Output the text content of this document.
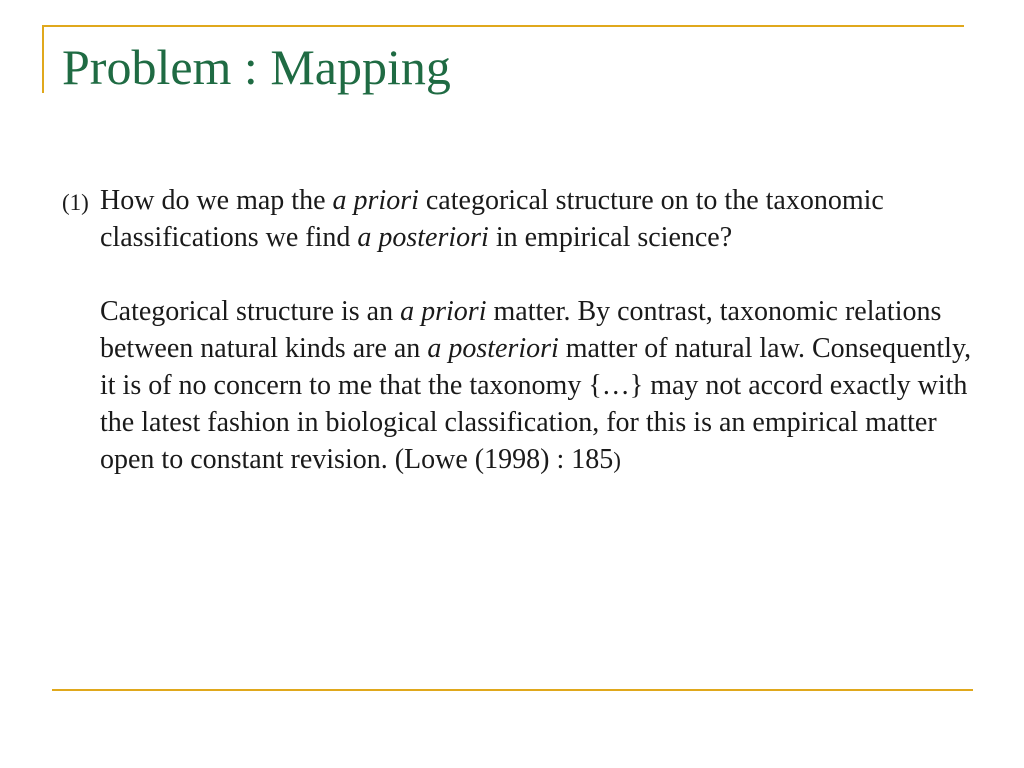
Problem : Mapping
(1) How do we map the a priori categorical structure on to the taxonomic classifications we find a posteriori in empirical science?
Categorical structure is an a priori matter. By contrast, taxonomic relations between natural kinds are an a posteriori matter of natural law. Consequently, it is of no concern to me that the taxonomy {…} may not accord exactly with the latest fashion in biological classification, for this is an empirical matter open to constant revision. (Lowe (1998) : 185)
